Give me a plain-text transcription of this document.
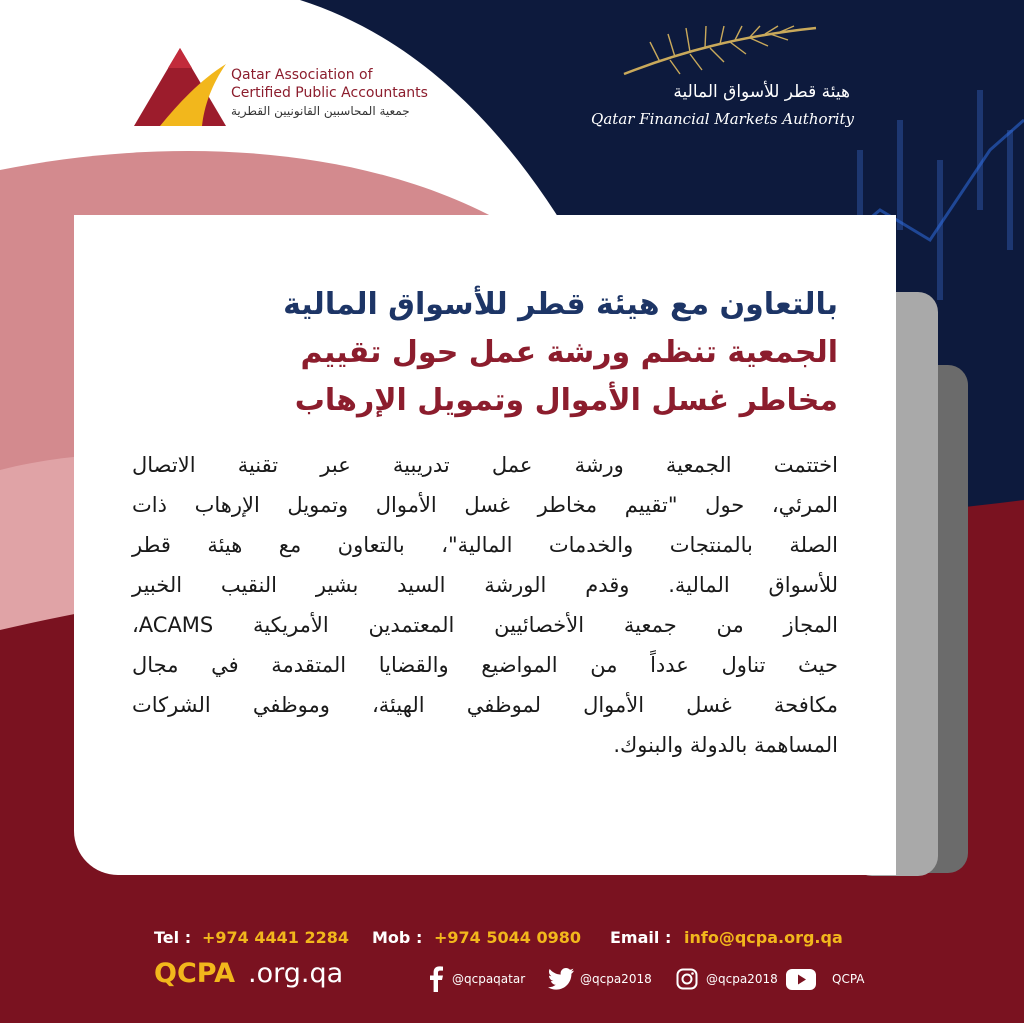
Qatar Association of
Certified Public Accountants
جمعية المحاسبين القانونيين القطرية
هيئة قطر للأسواق المالية
Qatar Financial Markets Authority
بالتعاون مع هيئة قطر للأسواق المالية
الجمعية تنظم ورشة عمل حول تقييم
مخاطر غسل الأموال وتمويل الإرهاب
اختتمت الجمعية ورشة عمل تدريبية عبر تقنية الاتصال
المرئي، حول "تقييم مخاطر غسل الأموال وتمويل الإرهاب ذات
الصلة بالمنتجات والخدمات المالية"، بالتعاون مع هيئة قطر
للأسواق المالية. وقدم الورشة السيد بشير النقيب الخبير
المجاز من جمعية الأخصائيين المعتمدين الأمريكية ACAMS،
حيث تناول عدداً من المواضيع والقضايا المتقدمة في مجال
مكافحة غسل الأموال لموظفي الهيئة، وموظفي الشركات
المساهمة بالدولة والبنوك.
Tel : +974 4441 2284 Mob : +974 5044 0980 Email : info@qcpa.org.qa
QCPA .org.qa	@qcpaqatar	@qcpa2018	@qcpa2018	QCPA
